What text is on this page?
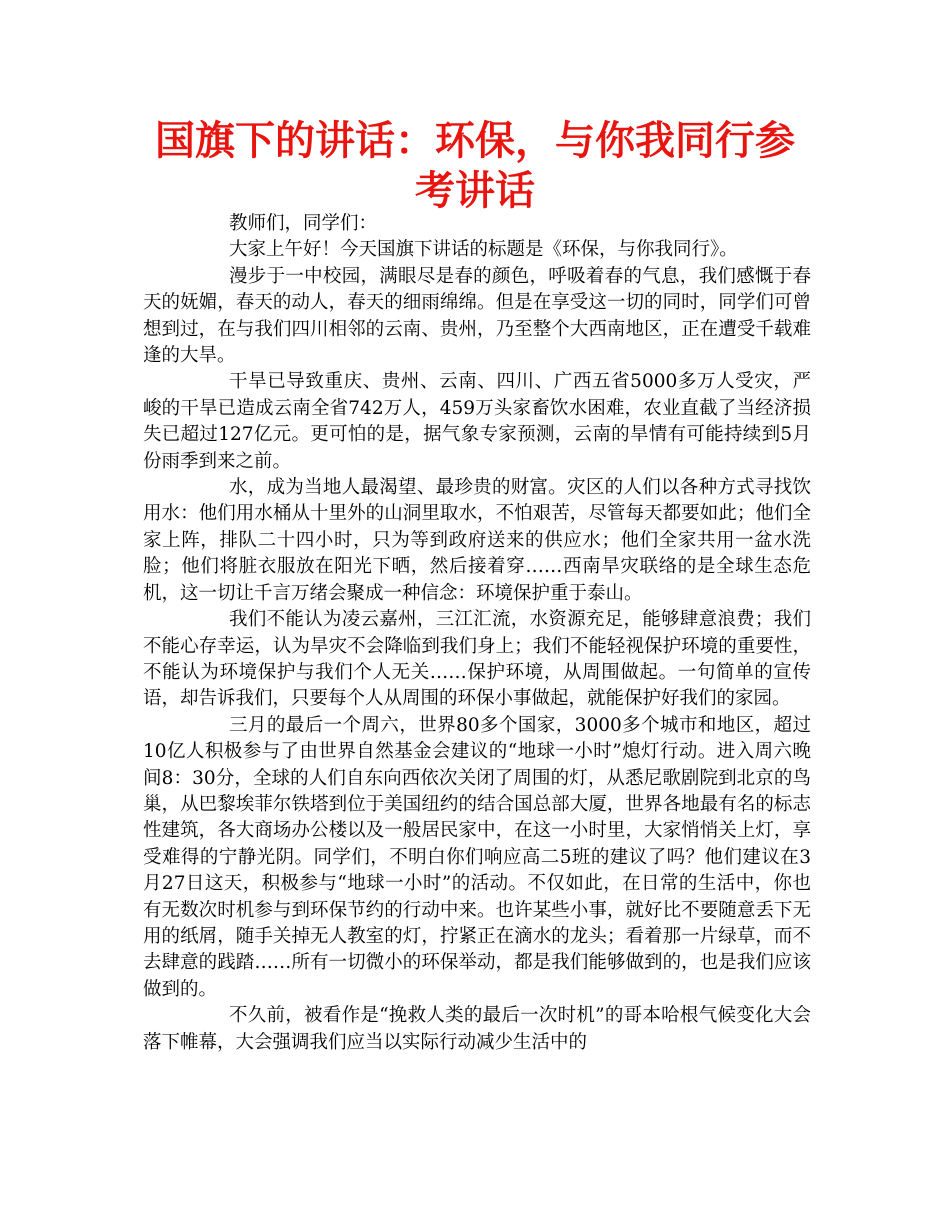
国旗下的讲话：环保，与你我同行参考讲话

教师们，同学们：

大家上午好！今天国旗下讲话的标题是《环保，与你我同行》。

漫步于一中校园，满眼尽是春的颜色，呼吸着春的气息，我们感慨于春天的妩媚，春天的动人，春天的细雨绵绵。但是在享受这一切的同时，同学们可曾想到过，在与我们四川相邻的云南、贵州，乃至整个大西南地区，正在遭受千载难逢的大旱。

干旱已导致重庆、贵州、云南、四川、广西五省5000多万人受灾，严峻的干旱已造成云南全省742万人，459万头家畜饮水困难，农业直截了当经济损失已超过127亿元。更可怕的是，据气象专家预测，云南的旱情有可能持续到5月份雨季到来之前。

水，成为当地人最渴望、最珍贵的财富。灾区的人们以各种方式寻找饮用水：他们用水桶从十里外的山洞里取水，不怕艰苦，尽管每天都要如此；他们全家上阵，排队二十四小时，只为等到政府送来的供应水；他们全家共用一盆水洗脸；他们将脏衣服放在阳光下晒，然后接着穿……西南旱灾联络的是全球生态危机，这一切让千言万绪会聚成一种信念：环境保护重于泰山。

我们不能认为凌云嘉州，三江汇流，水资源充足，能够肆意浪费；我们不能心存幸运，认为旱灾不会降临到我们身上；我们不能轻视保护环境的重要性，不能认为环境保护与我们个人无关……保护环境，从周围做起。一句简单的宣传语，却告诉我们，只要每个人从周围的环保小事做起，就能保护好我们的家园。

三月的最后一个周六，世界80多个国家，3000多个城市和地区，超过10亿人积极参与了由世界自然基金会建议的“地球一小时”熄灯行动。进入周六晚间8：30分，全球的人们自东向西依次关闭了周围的灯，从悉尼歌剧院到北京的鸟巢，从巴黎埃菲尔铁塔到位于美国纽约的结合国总部大厦，世界各地最有名的标志性建筑，各大商场办公楼以及一般居民家中，在这一小时里，大家悄悄关上灯，享受难得的宁静光阴。同学们，不明白你们响应高二5班的建议了吗？他们建议在3月27日这天，积极参与“地球一小时”的活动。不仅如此，在日常的生活中，你也有无数次时机参与到环保节约的行动中来。也许某些小事，就好比不要随意丢下无用的纸屑，随手关掉无人教室的灯，拧紧正在滴水的龙头；看着那一片绿草，而不去肆意的践踏……所有一切微小的环保举动，都是我们能够做到的，也是我们应该做到的。

不久前，被看作是“挽救人类的最后一次时机”的哥本哈根气候变化大会落下帷幕，大会强调我们应当以实际行动减少生活中的
